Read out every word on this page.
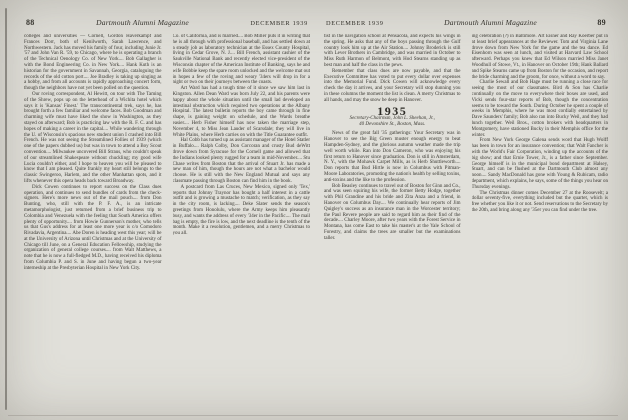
88	Dartmouth Alumni Magazine	DECEMBER 1939

colleges and universities — Cornell, Gordon Haverkampf and Frances Dorr, both of Kenilworth, Sarah Lawrence, and Northwestern. Jack has moved his family of four, including Junie Jr. '57 and John Van R. '59, to Chicago, where he is operating a branch of the Technical Oenology Co. of New York.... Bob Gallagher is with the Bond Engineering Co. in New York.... Hank Kuth is an historian for the government in Savannah, Georgia, cataloguing the records of the old cotton port.... Joe Bradley is taking up singing as a hobby, and from all accounts is rapidly approaching concert form, though the neighbors have not yet been polled on the question.

Our roving correspondent, Al Hewitt, on tour with The Taming of the Shrew, pops up on the letterhead of a Wichita hotel which says it is 'Kansas' Finest.' The transcontinental trek, says he, has brought forth a few familiar and welcome faces. Bob Goodman and charming wife must have liked the show in Washington, as they stayed on afterward; Bob is practicing law with the R. F. C. and has hopes of making a career in the capital.... While wandering through the U. of Wisconsin's spacious new student union I crashed into Bill French. He was not seeing the Streamlined Follies of 1939 (which one of the papers dubbed us) but was in town to attend a Boy Scout convention.... Milwaukee uncovered Bill Straus, who couldn't speak of our streamlined Shakespeare without chuckling; my good wife Lucia couldn't either, and I hope to heaven you will be pleased to know that I am pleased. Quite frankly my heart still belongs to the classic Swingeroo, Harlem, and the other Manhattan spots, and it lifts whenever this opera heads back toward Broadway.

Dick Cowen continues to report success on the Class dues operation, and continues to send bundles of cards from the check-signers. Here's more news out of the mail pouch.... from Don Bunting, who, still with the P. F. A., is an intricate metamorphologist, just returned from a brief business trip to Colombia and Venezuela with the feeling that South America offers plenty of opportunity.... from Howie Gunnerson's mother, who tells us that Gus's address for at least one more year is c/o Comodoro Rivadavia, Argentina.... Abe Doren is heading west this year; will be at the University of Arizona until Christmas and at the University of Chicago till June, on a General Education Fellowship, studying the organization of general college courses.... from Walt Matthews, a note that he is now a full-fledged M.D., having received his diploma from Columbia P. and S. in June and having begun a two-year interneship at the Presbyterian Hospital in New York City.

Co. of California, and is married.... Bob Miller puts it in writing that he is all through with professional baseball, and has settled down at a steady job as laboratory technician at the Essex County Hospital, living in Cedar Grove, N. J.... Bill French, assistant cashier of the Saukville National Bank and recently elected vice-president of the Wisconsin chapter of the American Institute of Banking, says he and wife Bobbie keep the spare room unlocked and the welcome mat out in hopes a few of the roving and weary '34ers will drop in for a night or two on their journeys between the coasts.

Art Ward has had a tough time of it since we saw him last in Kingston. Allen Dean Ward was born July 22, and his parents were happy about the whole situation until the small lad developed an intestinal obstruction which required two operations at the Albany Hospital. The latest bulletin reports the boy came through in fine shape, is gaining weight on schedule, and the Wards breathe easier.... Herb Fisher himself has now taken the marriage step, November 4, to Miss Jean Lauder of Scarsdale; they will live in White Plains, where Herb carries on with the Title Guarantee outfit.

Hal Cobb has turned up as assistant manager of the Hotel Statler in Buffalo.... Ralph Colby, Don Corcoran and crusty Bud deWitt drove down from Syracuse for the Cornell game and allowed that the Indians looked plenty rugged for a team in mid-November.... Stu Chase writes from Boston that the arrival of Stuart Jr. has made a new man of him, though the hours are not what a bachelor would choose. He is still with the New England Mutual and says any classmate passing through Boston can find him in the book.

A postcard from Las Cruces, New Mexico, signed only 'Tex,' reports that Johnny Traynor has bought a half interest in a cattle outfit and is growing a mustache to match; verification, as they say in the city room, is lacking.... Deke Slater sends the season's greetings from Honolulu, where the Army keeps him pleasantly busy, and wants the address of every '34er in the Pacific.... The mail bag is empty, the fire is low, and the next deadline is the tenth of the month. Make it a resolution, gentlemen, and a merry Christmas to you all.

DECEMBER 1939	Dartmouth Alumni Magazine	89

tist in the navigation school at Pensacola, and expects his wings in the spring. He asks that any of the boys passing through the Gulf country look him up at the Air Station.... Johnny Broderick is still with Lever Brothers in Cambridge, and was married in October to Miss Ruth Harmon of Belmont, with Hod Stearns standing up as best man and half the class in the pews.

Remember that class dues are now payable, and that the Executive Committee has voted to put every dollar over expenses into the Memorial Fund. Dick Cowen will acknowledge every check the day it arrives, and your Secretary will stop dunning you in these columns the moment the list is clean. A merry Christmas to all hands, and may the snow be deep in Hanover.

1935

Secretary-Chairman, John L. Sheehan, Jr.,

40 Devonshire St., Boston, Mass.

News of the great fall '35 gatherings: Your Secretary was in Hanover to see the Big Green muster enough energy to beat Hampden-Sydney, and the glorious autumn weather made the trip well worth while. Ran into Don Cameron, who was enjoying his first return to Hanover since graduation. Don is still in Amsterdam, N. Y., with the Mohawk Carpet Mills, as is Herb Shuttleworth.... Don reports that Bud Hirtle is now in Columbus with Pitman-Moore Laboratories, promoting the nation's health by selling toxins, anti-toxins and the like to the profession.

Bob Beasley continues to travel out of Boston for Ginn and Co., and was seen squiring his wife, the former Betty Hodge, together with Phil Grandine and his bride and Zita Anza and a friend, in Hanover on Columbus Day.... We continually hear reports of Jim Quigley's success as an insurance man in the Worcester territory; the Paul Revere people are said to regard him as their find of the decade.... Charley Moore, after two years with the Forest Service in Montana, has come East to take his master's at the Yale School of Forestry, and claims the trees are smaller but the examinations taller.

ing celebration (?) in Baltimore. Art Eisner and Ray Koerber put in at least brief appearances at the Reviewer. Tom and Virginia Lane drove down from New York for the game and the tea dance. Ed Eisenhorn was seen at lunch, and visited at Harvard Law School afterward. Perhaps you knew that Ed Wilson married Miss Janet Woodhull of Stowe, Vt., in Hanover on October 19th; Hank Ballard and Spike Stearns came up from Boston for the occasion, and report the bride charming and the groom, for once, without a word to say.

Charlie Sewall and Bob Hage must be running a close race for seeing the most of our classmates. Bird & Son has Charlie continually on the move to everywhere their boxes are used, and Vicki sends four-star reports of Bob, though the concentration seems to be toward the South. During October he spent a couple of weeks in Memphis, where he was most cordially entertained by Dave Saunders' family; Bob also ran into Bucky Weil, and they had lunch together. Weil Bros., cotton brokers with headquarters in Montgomery, have stationed Bucky in their Memphis office for the winter.

From New York George Galena sends word that Hugh Wolff has been in town for an insurance convention; that Walt Fancher is with the World's Fair Corporation, winding up the accounts of the big show; and that Ernie Tower, Jr., is a father since September. George himself is in the municipal bond department at Halsey, Stuart, and can be flushed at the Dartmouth Club almost any noon.... Sandy MacDonald has gone with Young & Rubicam, radio department, which explains, he says, some of the things you hear on Thursday evenings.

The Christmas dinner comes December 27 at the Roosevelt; a dollar seventy-five, everything included but the quartet, which is free whether you like it or not. Send reservations to the Secretary by the 20th, and bring along any '35er you can find under the tree.
